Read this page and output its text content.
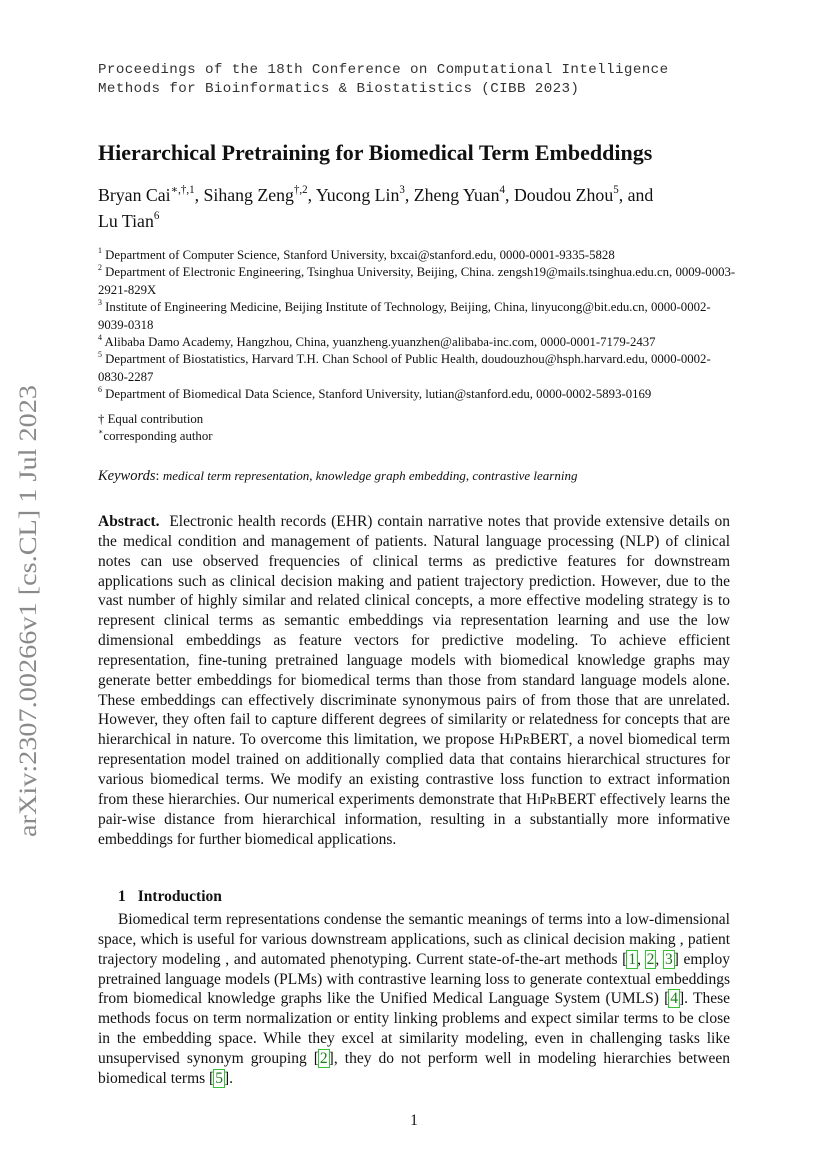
arXiv:2307.00266v1 [cs.CL] 1 Jul 2023
Proceedings of the 18th Conference on Computational Intelligence
Methods for Bioinformatics & Biostatistics (CIBB 2023)
Hierarchical Pretraining for Biomedical Term Embeddings
Bryan Cai$^{∗,\dagger,1}$, Sihang Zeng$^{\dagger,2}$, Yucong Lin$^3$, Zheng Yuan$^4$, Doudou Zhou$^5$, and
Lu Tian$^6$

$^1$ Department of Computer Science, Stanford University, bxcai@stanford.edu, 0000-0001-9335-5828

$^2$ Department of Electronic Engineering, Tsinghua University, Beijing, China. zengsh19@mails.tsinghua.edu.cn, 0009-0003-2921-829X

$^3$ Institute of Engineering Medicine, Beijing Institute of Technology, Beijing, China, linyucong@bit.edu.cn, 0000-0002-9039-0318

$^4$ Alibaba Damo Academy, Hangzhou, China, yuanzheng.yuanzhen@alibaba-inc.com, 0000-0001-7179-2437

$^5$ Department of Biostatistics, Harvard T.H. Chan School of Public Health, doudouzhou@hsph.harvard.edu, 0000-0002-0830-2287

$^6$ Department of Biomedical Data Science, Stanford University, lutian@stanford.edu, 0000-0002-5893-0169

† Equal contribution
∗corresponding author
Keywords: medical term representation, knowledge graph embedding, contrastive learning
Abstract. Electronic health records (EHR) contain narrative notes that provide extensive details on the medical condition and management of patients. Natural language processing (NLP) of clinical notes can use observed frequencies of clinical terms as predictive features for downstream applications such as clinical decision making and patient trajectory prediction. However, due to the vast number of highly similar and related clinical concepts, a more effective modeling strategy is to represent clinical terms as semantic embeddings via representation learning and use the low dimensional embeddings as feature vectors for predictive modeling. To achieve efficient representation, fine-tuning pretrained language models with biomedical knowledge graphs may generate better embeddings for biomedical terms than those from standard language models alone. These embeddings can effectively discriminate synonymous pairs of from those that are unrelated. However, they often fail to capture different degrees of similarity or relatedness for concepts that are hierarchical in nature. To overcome this limitation, we propose HiPrBERT, a novel biomedical term representation model trained on additionally complied data that contains hierarchical structures for various biomedical terms. We modify an existing contrastive loss function to extract information from these hierarchies. Our numerical experiments demonstrate that HiPrBERT effectively learns the pair-wise distance from hierarchical information, resulting in a substantially more informative embeddings for further biomedical applications.
1 Introduction
Biomedical term representations condense the semantic meanings of terms into a low-dimensional space, which is useful for various downstream applications, such as clinical decision making , patient trajectory modeling , and automated phenotyping. Current state-of-the-art methods [1, 2, 3] employ pretrained language models (PLMs) with contrastive learning loss to generate contextual embeddings from biomedical knowledge graphs like the Unified Medical Language System (UMLS) [4]. These methods focus on term normalization or entity linking problems and expect similar terms to be close in the embedding space. While they excel at similarity modeling, even in challenging tasks like unsupervised synonym grouping [2], they do not perform well in modeling hierarchies between biomedical terms [5].
1
